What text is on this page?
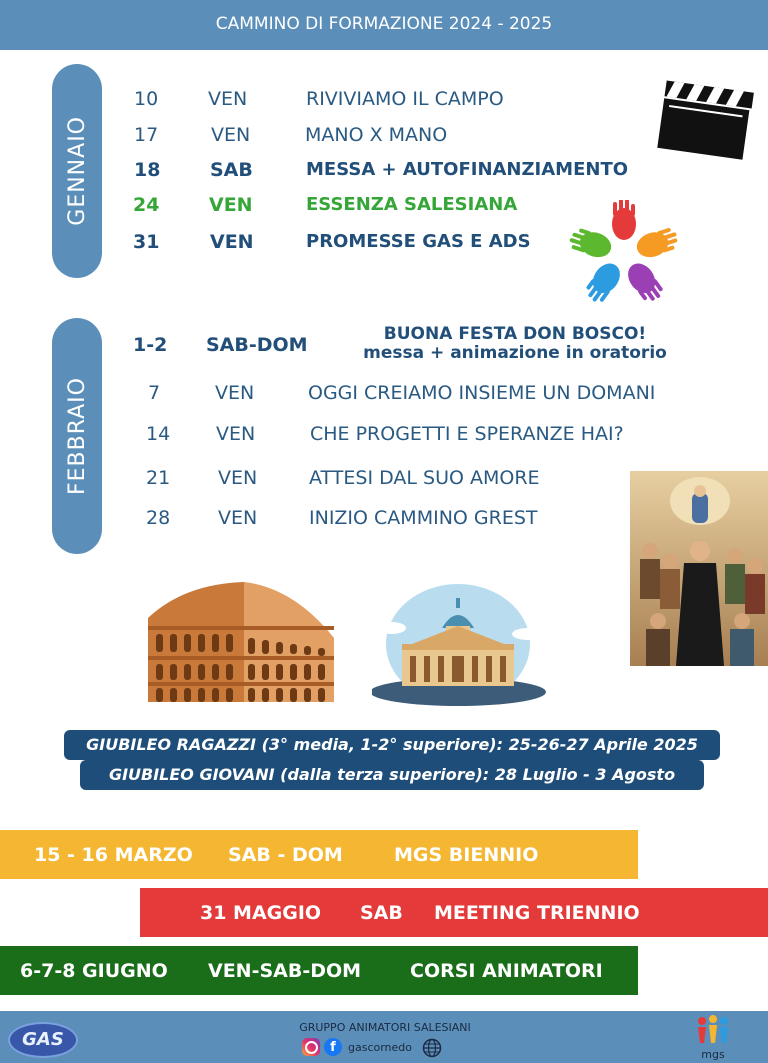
CAMMINO DI FORMAZIONE 2024 - 2025
GENNAIO
10	VEN	RIVIVIAMO IL CAMPO
17	VEN	MANO X MANO
18	SAB	MESSA + AUTOFINANZIAMENTO
24	VEN	ESSENZA SALESIANA
31	VEN	PROMESSE GAS E ADS
FEBBRAIO
1-2 SAB-DOM	BUONA FESTA DON BOSCO!
messa + animazione in oratorio
7	VEN	OGGI CREIAMO INSIEME UN DOMANI
14 VEN	CHE PROGETTI E SPERANZE HAI?
21	VEN	ATTESI DAL SUO AMORE
28	VEN	INIZIO CAMMINO GREST
GIUBILEO RAGAZZI (3° media, 1-2° superiore): 25-26-27 Aprile 2025
GIUBILEO GIOVANI (dalla terza superiore): 28 Luglio - 3 Agosto
15 - 16 MARZO	SAB - DOM	MGS BIENNIO
31 MAGGIO	SAB	MEETING TRIENNIO
6-7-8 GIUGNO	VEN-SAB-DOM	CORSI ANIMATORI
GAS
GRUPPO ANIMATORI SALESIANI
f	gascornedo
mgs
